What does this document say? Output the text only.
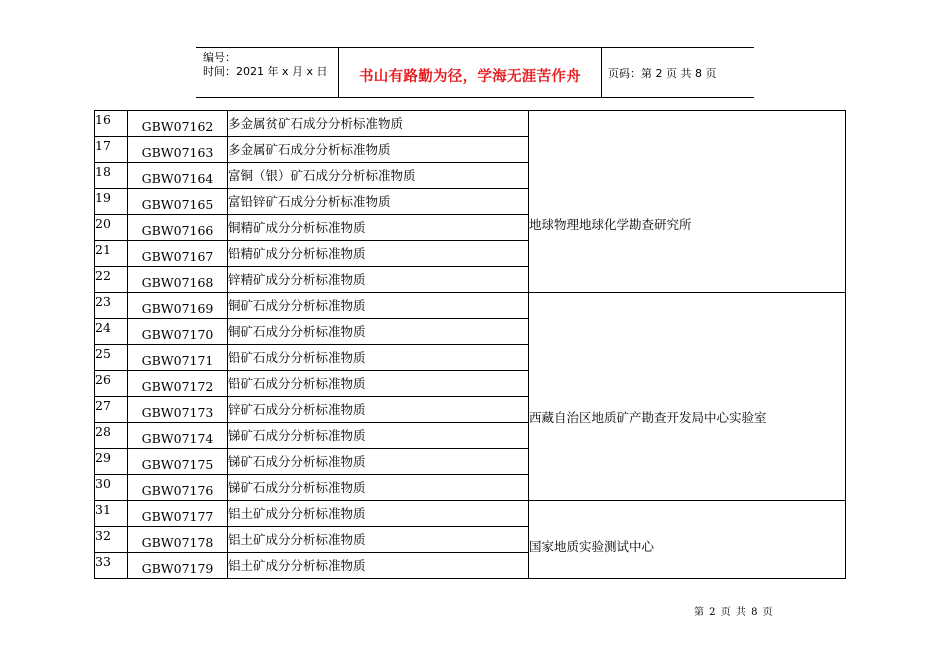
编号：
时间：2021 年 x 月 x 日	书山有路勤为径，学海无涯苦作舟	页码：第 2 页 共 8 页
16	GBW07162	多金属贫矿石成分分析标准物质	地球物理地球化学勘查研究所

17	GBW07163	多金属矿石成分分析标准物质	
18	GBW07164	富铜（银）矿石成分分析标准物质	
19	GBW07165	富铅锌矿石成分分析标准物质	
20	GBW07166	铜精矿成分分析标准物质	
21	GBW07167	铅精矿成分分析标准物质	
22	GBW07168	锌精矿成分分析标准物质	
23	GBW07169	铜矿石成分分析标准物质	西藏自治区地质矿产勘查开发局中心实验室

24	GBW07170	铜矿石成分分析标准物质	
25	GBW07171	铅矿石成分分析标准物质	
26	GBW07172	铅矿石成分分析标准物质	
27	GBW07173	锌矿石成分分析标准物质	
28	GBW07174	锑矿石成分分析标准物质	
29	GBW07175	锑矿石成分分析标准物质	
30	GBW07176	锑矿石成分分析标准物质	
31	GBW07177	铝土矿成分分析标准物质	国家地质实验测试中心

32	GBW07178	铝土矿成分分析标准物质	
33	GBW07179	铝土矿成分分析标准物质	
第 2 页 共 8 页
